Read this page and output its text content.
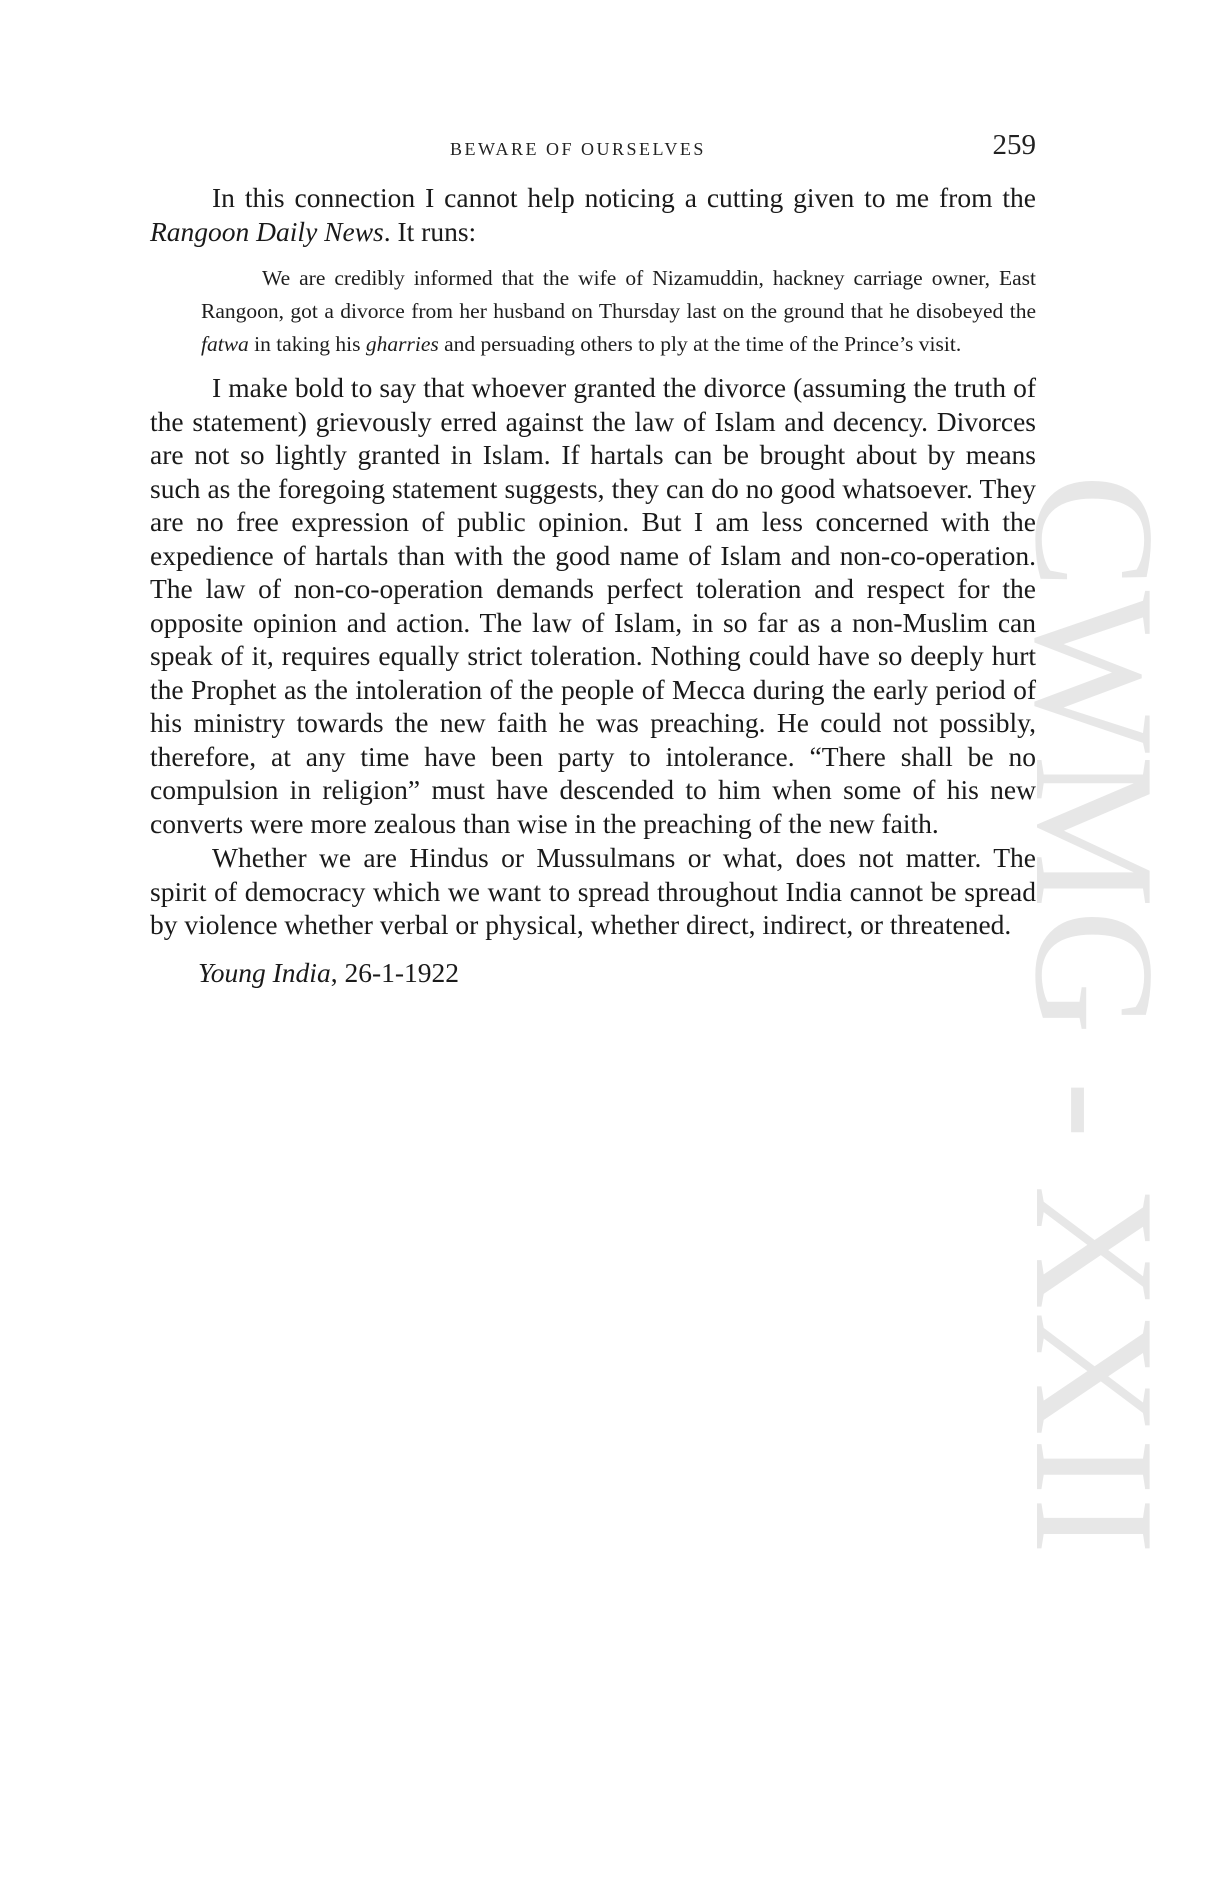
BEWARE OF OURSELVES	259
CWMG - XXII

In this connection I cannot help noticing a cutting given to me from the Rangoon Daily News. It runs:

We are credibly informed that the wife of Nizamuddin, hackney carriage owner, East Rangoon, got a divorce from her husband on Thursday last on the ground that he disobeyed the fatwa in taking his gharries and persuading others to ply at the time of the Prince’s visit.

I make bold to say that whoever granted the divorce (assuming the truth of the statement) grievously erred against the law of Islam and decency. Divorces are not so lightly granted in Islam. If hartals can be brought about by means such as the foregoing statement suggests, they can do no good whatsoever. They are no free expression of public opinion. But I am less concerned with the expedience of hartals than with the good name of Islam and non-co-operation. The law of non-co-operation demands perfect toleration and respect for the opposite opinion and action. The law of Islam, in so far as a non-Muslim can speak of it, requires equally strict toleration. Nothing could have so deeply hurt the Prophet as the intoleration of the people of Mecca during the early period of his ministry towards the new faith he was preaching. He could not possibly, therefore, at any time have been party to intolerance. “There shall be no compulsion in religion” must have descended to him when some of his new converts were more zealous than wise in the preaching of the new faith.

Whether we are Hindus or Mussulmans or what, does not matter. The spirit of democracy which we want to spread throughout India cannot be spread by violence whether verbal or physical, whether direct, indirect, or threatened.

Young India, 26-1-1922
